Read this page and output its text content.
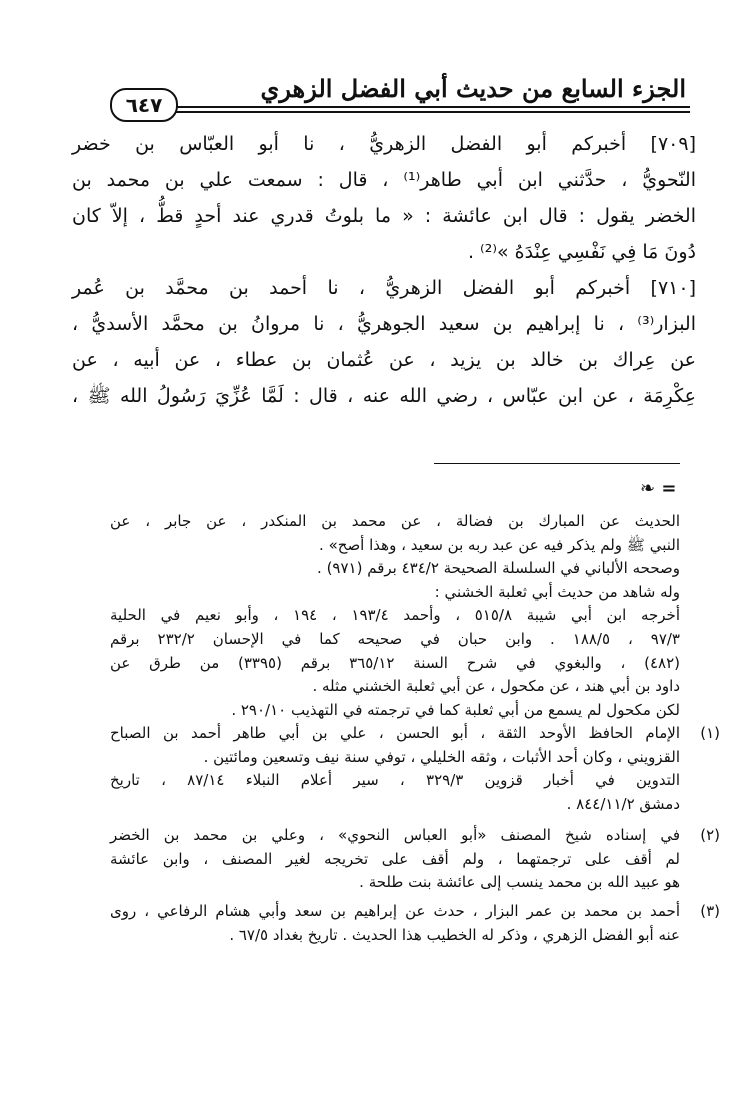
الجزء السابع من حديث أبي الفضل الزهري
٦٤٧

[٧٠٩] أخبركم أبو الفضل الزهريُّ ، نا أبو العبّاس بن خضر

النّحويُّ ، حدَّثني ابن أبي طاهر⁽¹⁾ ، قال : سمعت علي بن محمد بن

الخضر يقول : قال ابن عائشة : « ما بلوتُ قدري عند أحدٍ قطُّ ، إلاّ كان

دُونَ مَا فِي نَفْسِي عِنْدَهُ »⁽²⁾ .

[٧١٠] أخبركم أبو الفضل الزهريُّ ، نا أحمد بن محمَّد بن عُمر

البزار⁽³⁾ ، نا إبراهيم بن سعيد الجوهريُّ ، نا مروانُ بن محمَّد الأسديُّ ،

عن عِراك بن خالد بن يزيد ، عن عُثمان بن عطاء ، عن أبيه ، عن

عِكْرِمَة ، عن ابن عبّاس ، رضي الله عنه ، قال : لَمَّا عُزِّيَ رَسُولُ الله ﷺ ،

= ❧

الحديث عن المبارك بن فضالة ، عن محمد بن المنكدر ، عن جابر ، عن

النبي ﷺ ولم يذكر فيه عن عبد ربه بن سعيد ، وهذا أصح» .

وصححه الألباني في السلسلة الصحيحة ٤٣٤/٢ برقم (٩٧١) .

وله شاهد من حديث أبي ثعلبة الخشني :

أخرجه ابن أبي شيبة ٥١٥/٨ ، وأحمد ١٩٣/٤ ، ١٩٤ ، وأبو نعيم في الحلية

٩٧/٣ ، ١٨٨/٥ . وابن حبان في صحيحه كما في الإحسان ٢٣٢/٢ برقم

(٤٨٢) ، والبغوي في شرح السنة ٣٦٥/١٢ برقم (٣٣٩٥) من طرق عن

داود بن أبي هند ، عن مكحول ، عن أبي ثعلبة الخشني مثله .

لكن مكحول لم يسمع من أبي ثعلبة كما في ترجمته في التهذيب ٢٩٠/١٠ .

(١)

الإمام الحافظ الأوحد الثقة ، أبو الحسن ، علي بن أبي طاهر أحمد بن الصباح

القزويني ، وكان أحد الأثبات ، وثقه الخليلي ، توفي سنة نيف وتسعين ومائتين .

التدوين في أخبار قزوين ٣٢٩/٣ ، سير أعلام النبلاء ٨٧/١٤ ، تاريخ

دمشق ٨٤٤/١١/٢ .

(٢)

في إسناده شيخ المصنف «أبو العباس النحوي» ، وعلي بن محمد بن الخضر

لم أقف على ترجمتهما ، ولم أقف على تخريجه لغير المصنف ، وابن عائشة

هو عبيد الله بن محمد ينسب إلى عائشة بنت طلحة .

(٣)

أحمد بن محمد بن عمر البزار ، حدث عن إبراهيم بن سعد وأبي هشام الرفاعي ، روى

عنه أبو الفضل الزهري ، وذكر له الخطيب هذا الحديث . تاريخ بغداد ٦٧/٥ .
